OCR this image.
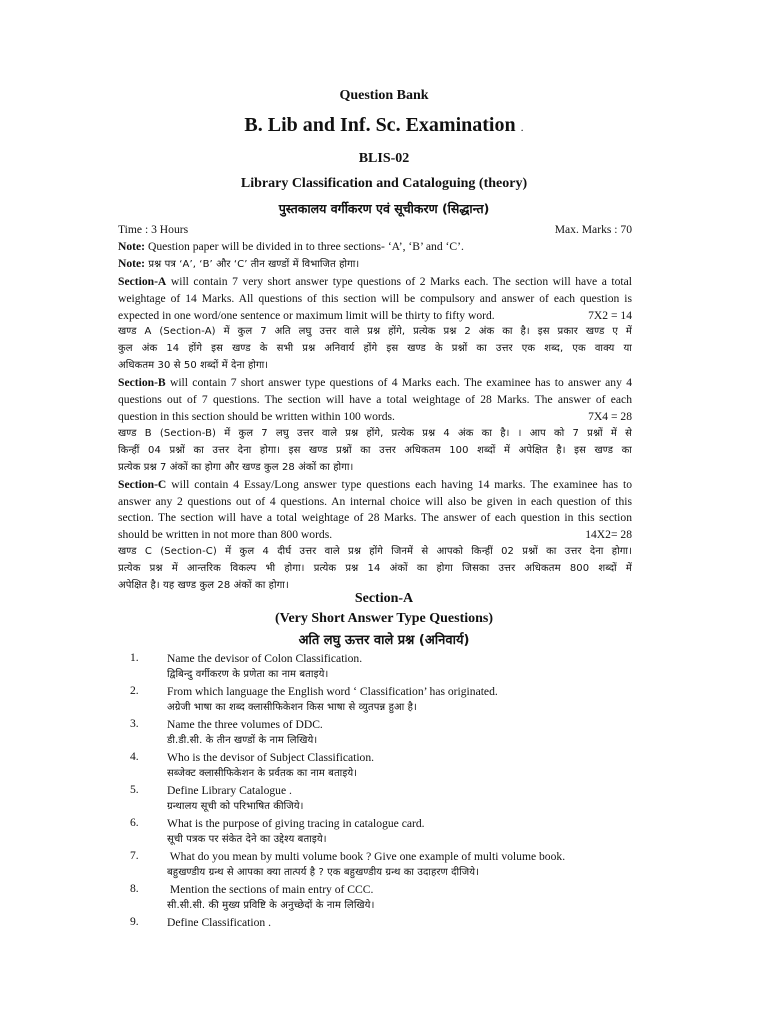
Question Bank
B. Lib and Inf. Sc. Examination .
BLIS-02
Library Classification and Cataloguing (theory)
पुस्तकालय वर्गीकरण एवं सूचीकरण (सिद्धान्त)
Time : 3 Hours	Max. Marks : 70
Note: Question paper will be divided in to three sections- ‘A’, ‘B’ and ‘C’.
Note: प्रश्न पत्र ‘A’, ‘B’ और ‘C’ तीन खण्डों में विभाजित होगा।
Section-A will contain 7 very short answer type questions of 2 Marks each. The section will have a total
weightage of 14 Marks. All questions of this section will be compulsory and answer of each question is
expected in one word/one sentence or maximum limit will be thirty to fifty word.	7X2 = 14
खण्ड A (Section-A) में कुल 7 अति लघु उत्तर वाले प्रश्न होंगे, प्रत्येक प्रश्न 2 अंक का है। इस प्रकार खण्ड ए में
कुल अंक 14 होंगे इस खण्ड के सभी प्रश्न अनिवार्य होंगे इस खण्ड के प्रश्नों का उत्तर एक शब्द, एक वाक्य या
अधिकतम 30 से 50 शब्दों में देना होगा।
Section-B will contain 7 short answer type questions of 4 Marks each. The examinee has to answer any 4
questions out of 7 questions. The section will have a total weightage of 28 Marks. The answer of each
question in this section should be written within 100 words.	7X4 = 28
खण्ड B (Section-B) में कुल 7 लघु उत्तर वाले प्रश्न होंगे, प्रत्येक प्रश्न 4 अंक का है। । आप को 7 प्रश्नों में से
किन्हीं 04 प्रश्नों का उत्तर देना होगा। इस खण्ड प्रश्नों का उत्तर अधिकतम 100 शब्दों में अपेक्षित है। इस खण्ड का
प्रत्येक प्रश्न 7 अंकों का होगा और खण्ड कुल 28 अंकों का होगा।
Section-C will contain 4 Essay/Long answer type questions each having 14 marks. The examinee has to
answer any 2 questions out of 4 questions. An internal choice will also be given in each question of this
section. The section will have a total weightage of 28 Marks. The answer of each question in this section
should be written in not more than 800 words.	14X2= 28
खण्ड C (Section-C) में कुल 4 दीर्घ उत्तर वाले प्रश्न होंगे जिनमें से आपको किन्हीं 02 प्रश्नों का उत्तर देना होगा।
प्रत्येक प्रश्न में आन्तरिक विकल्प भी होगा। प्रत्येक प्रश्न 14 अंकों का होगा जिसका उत्तर अधिकतम 800 शब्दों में
अपेक्षित है। यह खण्ड कुल 28 अंकों का होगा।
Section-A
(Very Short Answer Type Questions)
अति लघु ऊत्तर वाले प्रश्न (अनिवार्य)
1.	Name the devisor of Colon Classification.
द्विबिन्दु वर्गीकरण के प्रणेता का नाम बताइये।
2.	From which language the English word ‘ Classification’ has originated.
अग्रेजी भाषा का शब्द क्लासीफिकेशन किस भाषा से व्युतपन्न हुआ है।
3.	Name the three volumes of DDC.
डी.डी.सी. के तीन खण्डों के नाम लिखिये।
4.	Who is the devisor of Subject Classification.
सब्जेक्ट क्लासीफिकेशन के प्रर्वतक का नाम बताइये।
5.	Define Library Catalogue .
ग्रन्थालय सूची को परिभाषित कीजिये।
6.	What is the purpose of giving tracing in catalogue card.
सूची पत्रक पर संकेत देने का उद्देश्य बताइये।
7.	What do you mean by multi volume book ? Give one example of multi volume book.
बहुखण्डीय ग्रन्थ से आपका क्या तात्पर्य है ? एक बहुखण्डीय ग्रन्थ का उदाहरण दीजिये।
8.	Mention the sections of main entry of CCC.
सी.सी.सी. की मुख्य प्रविष्टि के अनुच्छेदों के नाम लिखिये।
9.	Define Classification .
